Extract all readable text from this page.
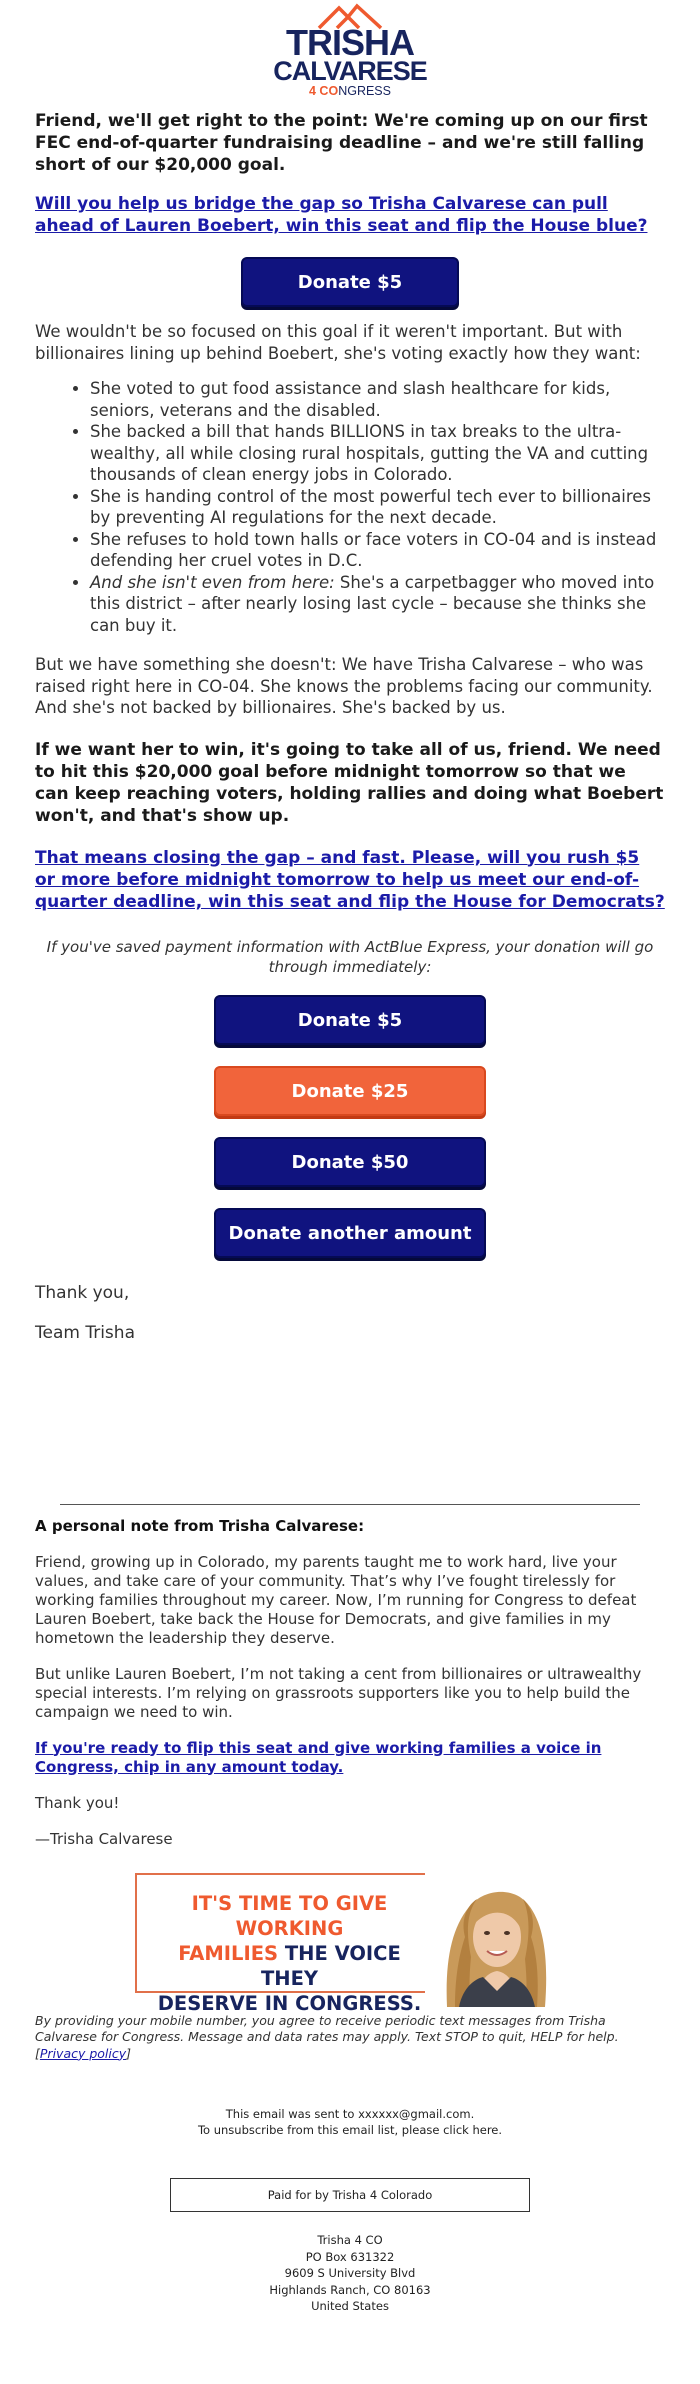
TRISHA
CALVARESE
4 CONGRESS

Friend, we'll get right to the point: We're coming up on our first FEC end-of-quarter fundraising deadline – and we're still falling short of our $20,000 goal.

Will you help us bridge the gap so Trisha Calvarese can pull ahead of Lauren Boebert, win this seat and flip the House blue?
Donate $5

We wouldn't be so focused on this goal if it weren't important. But with billionaires lining up behind Boebert, she's voting exactly how they want:

• She voted to gut food assistance and slash healthcare for kids, seniors, veterans and the disabled.
• She backed a bill that hands BILLIONS in tax breaks to the ultra-wealthy, all while closing rural hospitals, gutting the VA and cutting thousands of clean energy jobs in Colorado.
• She is handing control of the most powerful tech ever to billionaires by preventing AI regulations for the next decade.
• She refuses to hold town halls or face voters in CO-04 and is instead defending her cruel votes in D.C.
• And she isn't even from here: She's a carpetbagger who moved into this district – after nearly losing last cycle – because she thinks she can buy it.

But we have something she doesn't: We have Trisha Calvarese – who was raised right here in CO-04. She knows the problems facing our community. And she's not backed by billionaires. She's backed by us.

If we want her to win, it's going to take all of us, friend. We need to hit this $20,000 goal before midnight tomorrow so that we can keep reaching voters, holding rallies and doing what Boebert won't, and that's show up.

That means closing the gap – and fast. Please, will you rush $5 or more before midnight tomorrow to help us meet our end-of-quarter deadline, win this seat and flip the House for Democrats?

If you've saved payment information with ActBlue Express, your donation will go through immediately:

Donate $5
Donate $25
Donate $50
Donate another amount

Thank you,

Team Trisha

A personal note from Trisha Calvarese:

Friend, growing up in Colorado, my parents taught me to work hard, live your values, and take care of your community. That’s why I’ve fought tirelessly for working families throughout my career. Now, I’m running for Congress to defeat Lauren Boebert, take back the House for Democrats, and give families in my hometown the leadership they deserve.

But unlike Lauren Boebert, I’m not taking a cent from billionaires or ultrawealthy special interests. I’m relying on grassroots supporters like you to help build the campaign we need to win.

If you're ready to flip this seat and give working families a voice in Congress, chip in any amount today.

Thank you!

—Trisha Calvarese

IT'S TIME TO GIVE WORKING
FAMILIES THE VOICE THEY
DESERVE IN CONGRESS.

By providing your mobile number, you agree to receive periodic text messages from Trisha Calvarese for Congress. Message and data rates may apply. Text STOP to quit, HELP for help. [Privacy policy]

This email was sent to xxxxxx@gmail.com.

To unsubscribe from this email list, please click here.

Paid for by Trisha 4 Colorado
Trisha 4 CO
PO Box 631322
9609 S University Blvd
Highlands Ranch, CO 80163
United States
